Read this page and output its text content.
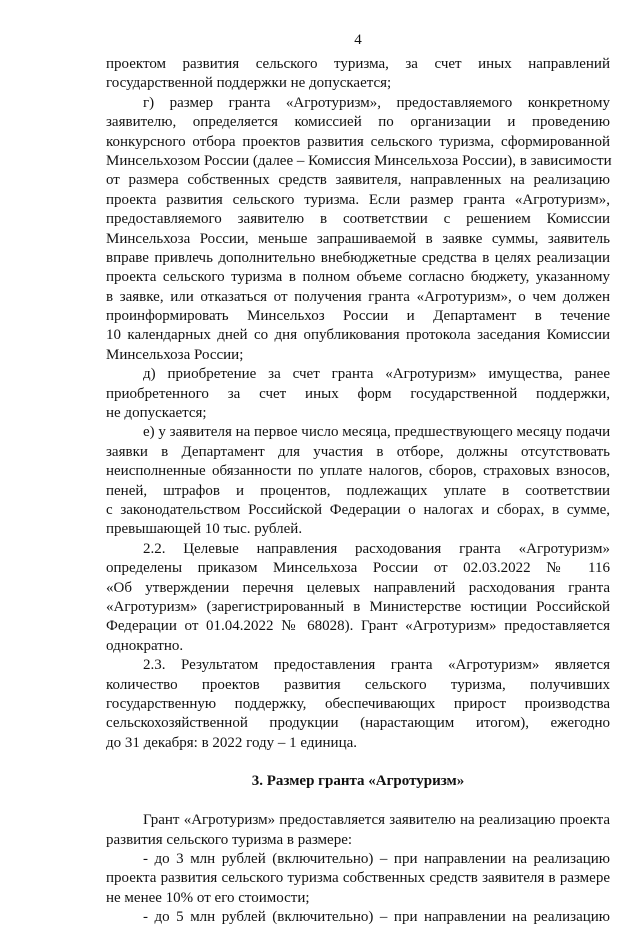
4
проектом развития сельского туризма, за счет иных направлений
государственной поддержки не допускается;
г) размер гранта «Агротуризм», предоставляемого конкретному
заявителю, определяется комиссией по организации и проведению
конкурсного отбора проектов развития сельского туризма, сформированной
Минсельхозом России (далее – Комиссия Минсельхоза России), в зависимости
от размера собственных средств заявителя, направленных на реализацию
проекта развития сельского туризма. Если размер гранта «Агротуризм»,
предоставляемого заявителю в соответствии с решением Комиссии
Минсельхоза России, меньше запрашиваемой в заявке суммы, заявитель
вправе привлечь дополнительно внебюджетные средства в целях реализации
проекта сельского туризма в полном объеме согласно бюджету, указанному
в заявке, или отказаться от получения гранта «Агротуризм», о чем должен
проинформировать Минсельхоз России и Департамент в течение
10 календарных дней со дня опубликования протокола заседания Комиссии
Минсельхоза России;
д) приобретение за счет гранта «Агротуризм» имущества, ранее
приобретенного за счет иных форм государственной поддержки,
не допускается;
е) у заявителя на первое число месяца, предшествующего месяцу подачи
заявки в Департамент для участия в отборе, должны отсутствовать
неисполненные обязанности по уплате налогов, сборов, страховых взносов,
пеней, штрафов и процентов, подлежащих уплате в соответствии
с законодательством Российской Федерации о налогах и сборах, в сумме,
превышающей 10 тыс. рублей.
2.2. Целевые направления расходования гранта «Агротуризм»
определены приказом Минсельхоза России от 02.03.2022 № 116
«Об утверждении перечня целевых направлений расходования гранта
«Агротуризм» (зарегистрированный в Министерстве юстиции Российской
Федерации от 01.04.2022 № 68028). Грант «Агротуризм» предоставляется
однократно.
2.3. Результатом предоставления гранта «Агротуризм» является
количество проектов развития сельского туризма, получивших
государственную поддержку, обеспечивающих прирост производства
сельскохозяйственной продукции (нарастающим итогом), ежегодно
до 31 декабря: в 2022 году – 1 единица.
3. Размер гранта «Агротуризм»
Грант «Агротуризм» предоставляется заявителю на реализацию проекта
развития сельского туризма в размере:
- до 3 млн рублей (включительно) – при направлении на реализацию
проекта развития сельского туризма собственных средств заявителя в размере
не менее 10% от его стоимости;
- до 5 млн рублей (включительно) – при направлении на реализацию
